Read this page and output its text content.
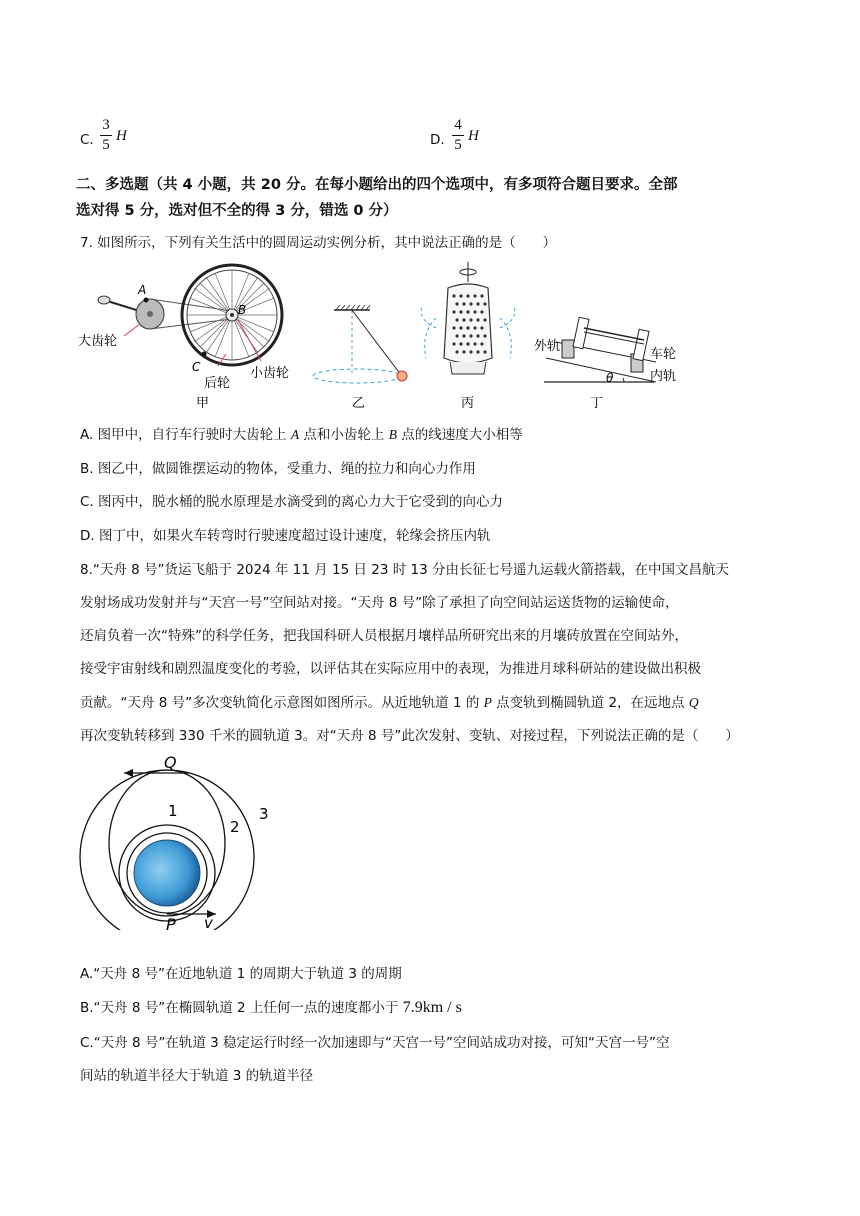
C.
3
5
H	D.
4
5
H
二、多选题（共 4 小题，共 20 分。在每小题给出的四个选项中，有多项符合题目要求。全部
选对得 5 分，选对但不全的得 3 分，错选 0 分）
7. 如图所示，下列有关生活中的圆周运动实例分析，其中说法正确的是（　　）
A
B
C
大齿轮
后轮
小齿轮
甲	乙	丙
外轨
车轮
内轨
θ
丁
A. 图甲中，自行车行驶时大齿轮上 A 点和小齿轮上 B 点的线速度大小相等
B. 图乙中，做圆锥摆运动的物体，受重力、绳的拉力和向心力作用
C. 图丙中，脱水桶的脱水原理是水滴受到的离心力大于它受到的向心力
D. 图丁中，如果火车转弯时行驶速度超过设计速度，轮缘会挤压内轨
8.“天舟 8 号”货运飞船于 2024 年 11 月 15 日 23 时 13 分由长征七号遥九运载火箭搭载，在中国文昌航天
发射场成功发射并与“天宫一号”空间站对接。“天舟 8 号”除了承担了向空间站运送货物的运输使命，
还肩负着一次“特殊”的科学任务，把我国科研人员根据月壤样品所研究出来的月壤砖放置在空间站外，
接受宇宙射线和剧烈温度变化的考验，以评估其在实际应用中的表现，为推进月球科研站的建设做出积极
贡献。“天舟 8 号”多次变轨简化示意图如图所示。从近地轨道 1 的 P 点变轨到椭圆轨道 2，在远地点 Q
再次变轨转移到 330 千米的圆轨道 3。对“天舟 8 号”此次发射、变轨、对接过程，下列说法正确的是（　　）
Q
P v
1
2
3
A.“天舟 8 号”在近地轨道 1 的周期大于轨道 3 的周期
B.“天舟 8 号”在椭圆轨道 2 上任何一点的速度都小于 7.9km / s
C.“天舟 8 号”在轨道 3 稳定运行时经一次加速即与“天宫一号”空间站成功对接，可知“天宫一号”空
间站的轨道半径大于轨道 3 的轨道半径
